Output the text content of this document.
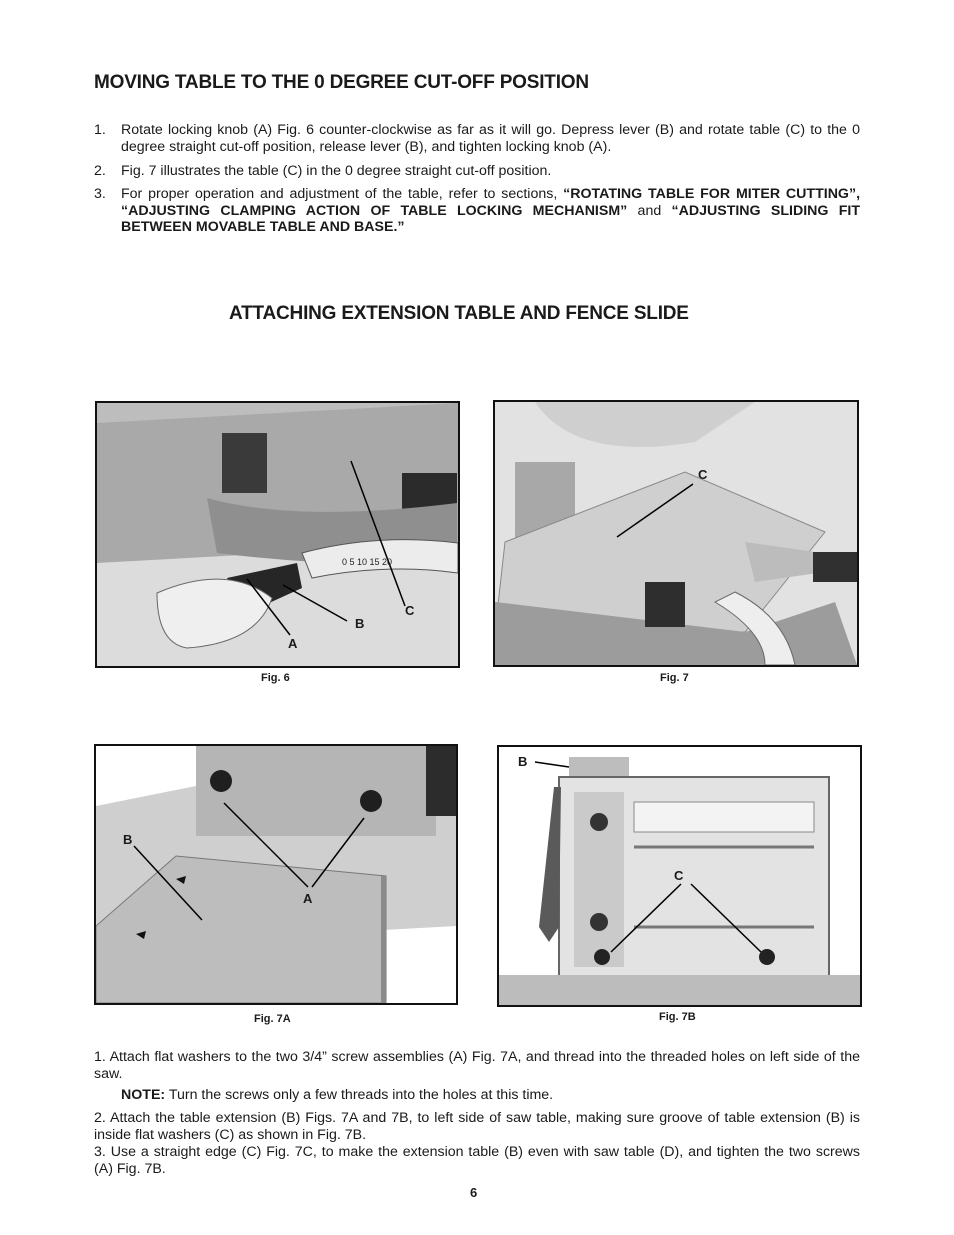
MOVING TABLE TO THE 0 DEGREE CUT-OFF POSITION
1. Rotate locking knob (A) Fig. 6 counter-clockwise as far as it will go. Depress lever (B) and rotate table (C) to the 0 degree straight cut-off position, release lever (B), and tighten locking knob (A).
2. Fig. 7 illustrates the table (C) in the 0 degree straight cut-off position.
3. For proper operation and adjustment of the table, refer to sections, “ROTATING TABLE FOR MITER CUTTING”, “ADJUSTING CLAMPING ACTION OF TABLE LOCKING MECHANISM” and “ADJUSTING SLIDING FIT BETWEEN MOVABLE TABLE AND BASE.”
ATTACHING EXTENSION TABLE AND FENCE SLIDE
0 5 10 15 20
A
B
C
Fig. 6
C
Fig. 7
A
B
Fig. 7A
B
C
Fig. 7B
1. Attach flat washers to the two 3/4” screw assemblies (A) Fig. 7A, and thread into the threaded holes on left side of the saw.
NOTE: Turn the screws only a few threads into the holes at this time.
2. Attach the table extension (B) Figs. 7A and 7B, to left side of saw table, making sure groove of table extension (B) is inside flat washers (C) as shown in Fig. 7B.
3. Use a straight edge (C) Fig. 7C, to make the extension table (B) even with saw table (D), and tighten the two screws (A) Fig. 7B.
6
